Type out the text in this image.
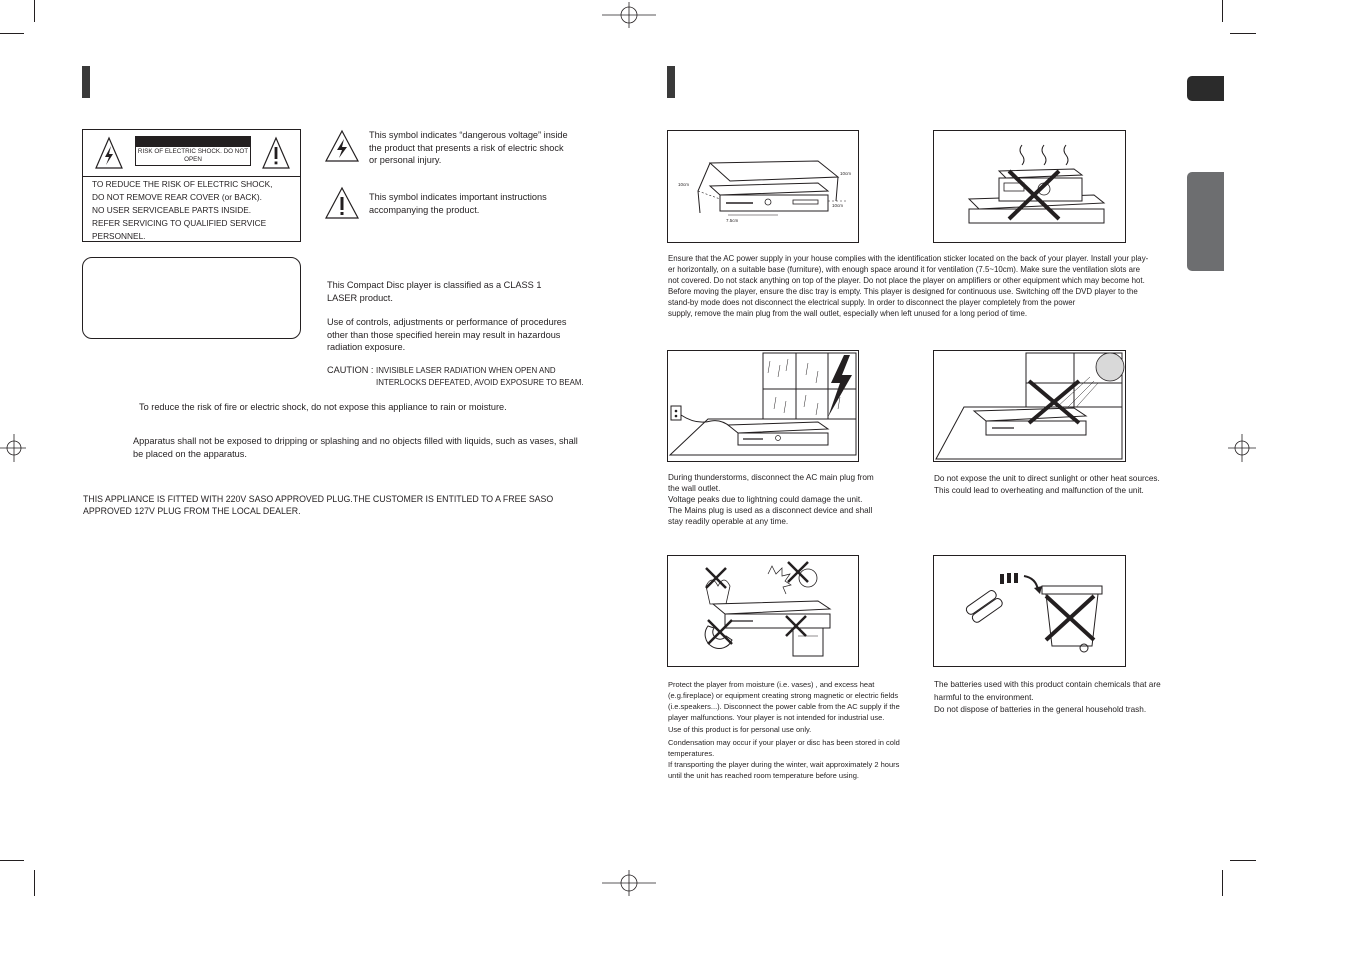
RISK OF ELECTRIC SHOCK. DO NOT OPEN
TO REDUCE THE RISK OF ELECTRIC SHOCK,
DO NOT REMOVE REAR COVER (or BACK).
NO USER SERVICEABLE PARTS INSIDE.
REFER SERVICING TO QUALIFIED SERVICE
PERSONNEL.
This symbol indicates “dangerous voltage” inside
the product that presents a risk of electric shock
or personal injury.
This symbol indicates important instructions
accompanying the product.
This Compact Disc player is classified as a CLASS 1
LASER product.
Use of controls, adjustments or performance of procedures
other than those specified herein may result in hazardous
radiation exposure.
CAUTION : INVISIBLE LASER RADIATION WHEN OPEN AND
INTERLOCKS DEFEATED, AVOID EXPOSURE TO BEAM.
To reduce the risk of fire or electric shock, do not expose this appliance to rain or moisture.
Apparatus shall not be exposed to dripping or splashing and no objects filled with liquids, such as vases, shall
be placed on the apparatus.
THIS APPLIANCE IS FITTED WITH 220V SASO APPROVED PLUG.THE CUSTOMER IS ENTITLED TO A FREE SASO
APPROVED 127V PLUG FROM THE LOCAL DEALER.
10cm
10cm
7.5cm
10cm
Ensure that the AC power supply in your house complies with the identification sticker located on the back of your player. Install your play-
er horizontally, on a suitable base (furniture), with enough space around it for ventilation (7.5~10cm). Make sure the ventilation slots are
not covered. Do not stack anything on top of the player. Do not place the player on amplifiers or other equipment which may become hot.
Before moving the player, ensure the disc tray is empty. This player is designed for continuous use. Switching off the DVD player to the
stand-by mode does not disconnect the electrical supply. In order to disconnect the player completely from the power
supply, remove the main plug from the wall outlet, especially when left unused for a long period of time.
During thunderstorms, disconnect the AC main plug from
the wall outlet.
Voltage peaks due to lightning could damage the unit.
The Mains plug is used as a disconnect device and shall
stay readily operable at any time.
Do not expose the unit to direct sunlight or other heat sources.
This could lead to overheating and malfunction of the unit.
Protect the player from moisture (i.e. vases) , and excess heat
(e.g.fireplace) or equipment creating strong magnetic or electric fields
(i.e.speakers...). Disconnect the power cable from the AC supply if the
player malfunctions. Your player is not intended for industrial use.
Use of this product is for personal use only.
Condensation may occur if your player or disc has been stored in cold
temperatures.
If transporting the player during the winter, wait approximately 2 hours
until the unit has reached room temperature before using.
The batteries used with this product contain chemicals that are
harmful to the environment.
Do not dispose of batteries in the general household trash.
